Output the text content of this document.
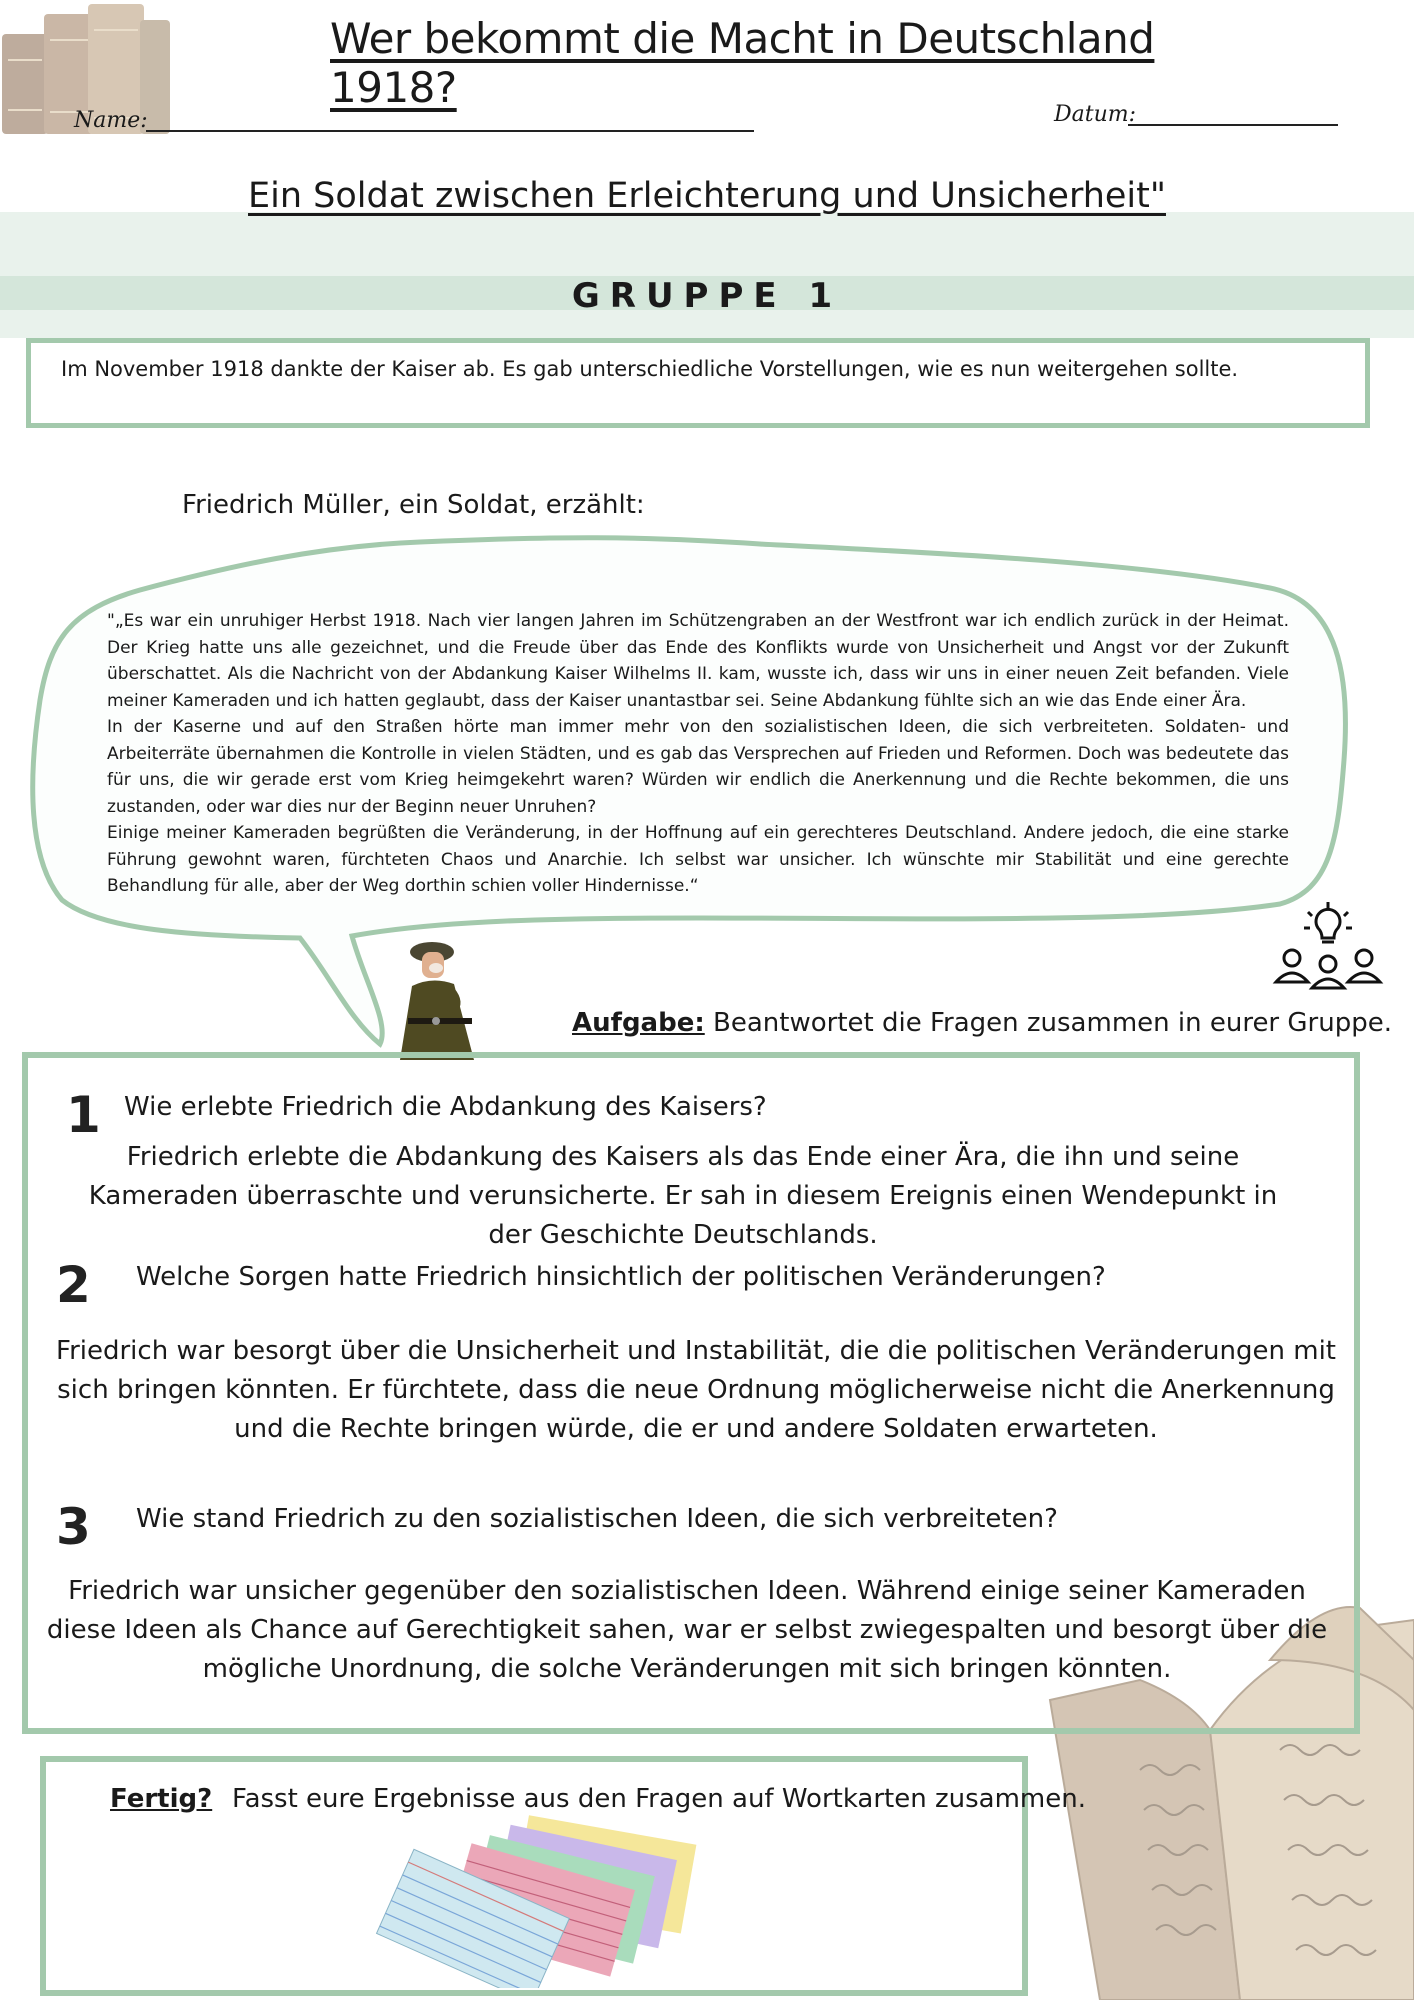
Wer bekommt die Macht in Deutschland 1918?
Name:	Datum:
Ein Soldat zwischen Erleichterung und Unsicherheit"
GRUPPE 1
Im November 1918 dankte der Kaiser ab. Es gab unterschiedliche Vorstellungen, wie es nun weitergehen sollte.
Friedrich Müller, ein Soldat, erzählt:

"„Es war ein unruhiger Herbst 1918. Nach vier langen Jahren im Schützengraben an der Westfront war ich endlich zurück in der Heimat. Der Krieg hatte uns alle gezeichnet, und die Freude über das Ende des Konflikts wurde von Unsicherheit und Angst vor der Zukunft überschattet. Als die Nachricht von der Abdankung Kaiser Wilhelms II. kam, wusste ich, dass wir uns in einer neuen Zeit befanden. Viele meiner Kameraden und ich hatten geglaubt, dass der Kaiser unantastbar sei. Seine Abdankung fühlte sich an wie das Ende einer Ära.

In der Kaserne und auf den Straßen hörte man immer mehr von den sozialistischen Ideen, die sich verbreiteten. Soldaten- und Arbeiterräte übernahmen die Kontrolle in vielen Städten, und es gab das Versprechen auf Frieden und Reformen. Doch was bedeutete das für uns, die wir gerade erst vom Krieg heimgekehrt waren? Würden wir endlich die Anerkennung und die Rechte bekommen, die uns zustanden, oder war dies nur der Beginn neuer Unruhen?

Einige meiner Kameraden begrüßten die Veränderung, in der Hoffnung auf ein gerechteres Deutschland. Andere jedoch, die eine starke Führung gewohnt waren, fürchteten Chaos und Anarchie. Ich selbst war unsicher. Ich wünschte mir Stabilität und eine gerechte Behandlung für alle, aber der Weg dorthin schien voller Hindernisse.“

Aufgabe: Beantwortet die Fragen zusammen in eurer Gruppe.
1 Wie erlebte Friedrich die Abdankung des Kaisers?
Friedrich erlebte die Abdankung des Kaisers als das Ende einer Ära, die ihn und seine Kameraden überraschte und verunsicherte. Er sah in diesem Ereignis einen Wendepunkt in der Geschichte Deutschlands.
2 Welche Sorgen hatte Friedrich hinsichtlich der politischen Veränderungen?
Friedrich war besorgt über die Unsicherheit und Instabilität, die die politischen Veränderungen mit sich bringen könnten. Er fürchtete, dass die neue Ordnung möglicherweise nicht die Anerkennung und die Rechte bringen würde, die er und andere Soldaten erwarteten.
3 Wie stand Friedrich zu den sozialistischen Ideen, die sich verbreiteten?
Friedrich war unsicher gegenüber den sozialistischen Ideen. Während einige seiner Kameraden diese Ideen als Chance auf Gerechtigkeit sahen, war er selbst zwiegespalten und besorgt über die mögliche Unordnung, die solche Veränderungen mit sich bringen könnten.
Fertig? Fasst eure Ergebnisse aus den Fragen auf Wortkarten zusammen.
